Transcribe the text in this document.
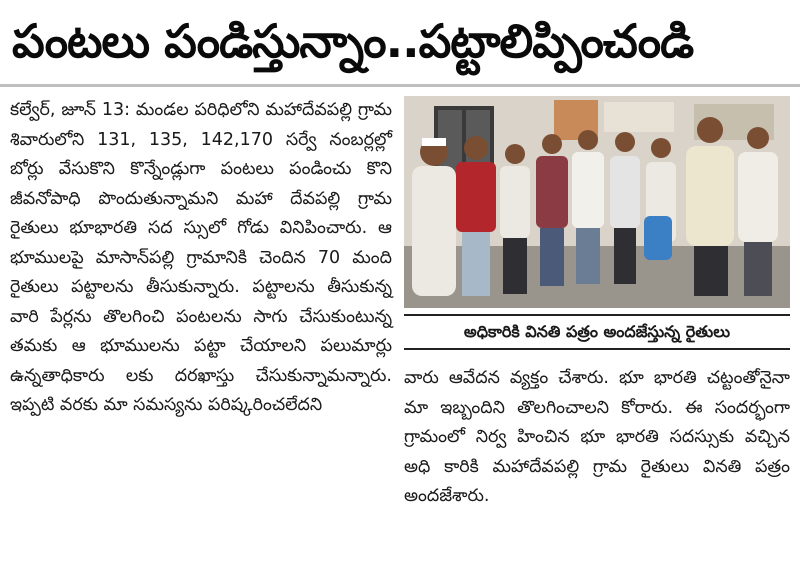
పంటలు పండిస్తున్నాం..పట్టాలిప్పించండి

కల్వేర్, జూన్ 13: మండల పరిధిలోని మహాదేవపల్లి గ్రామ శివారులోని 131, 135, 142,170 సర్వే నంబర్లల్లో బోర్లు వేసుకొని కొన్నేండ్లుగా పంటలు పండించు కొని జీవనోపాధి పొందుతున్నామని మహా దేవపల్లి గ్రామ రైతులు భూభారతి సద స్సులో గోడు వినిపించారు. ఆ భూములపై మాసాన్‌పల్లి గ్రామానికి చెందిన 70 మంది రైతులు పట్టాలను తీసుకున్నారు. పట్టాలను తీసుకున్న వారి పేర్లను తొలగించి పంటలను సాగు చేసుకుంటున్న తమకు ఆ భూములను పట్టా చేయాలని పలుమార్లు ఉన్నతాధికారు లకు దరఖాస్తు చేసుకున్నామన్నారు. ఇప్పటి వరకు మా సమస్యను పరిష్కరించలేదని

అధికారికి వినతి పత్రం అందజేస్తున్న రైతులు

వారు ఆవేదన వ్యక్తం చేశారు. భూ భారతి చట్టంతోనైనా మా ఇబ్బందిని తొలగించాలని కోరారు. ఈ సందర్భంగా గ్రామంలో నిర్వ హించిన భూ భారతి సదస్సుకు వచ్చిన అధి కారికి మహాదేవపల్లి గ్రామ రైతులు వినతి పత్రం అందజేశారు.
